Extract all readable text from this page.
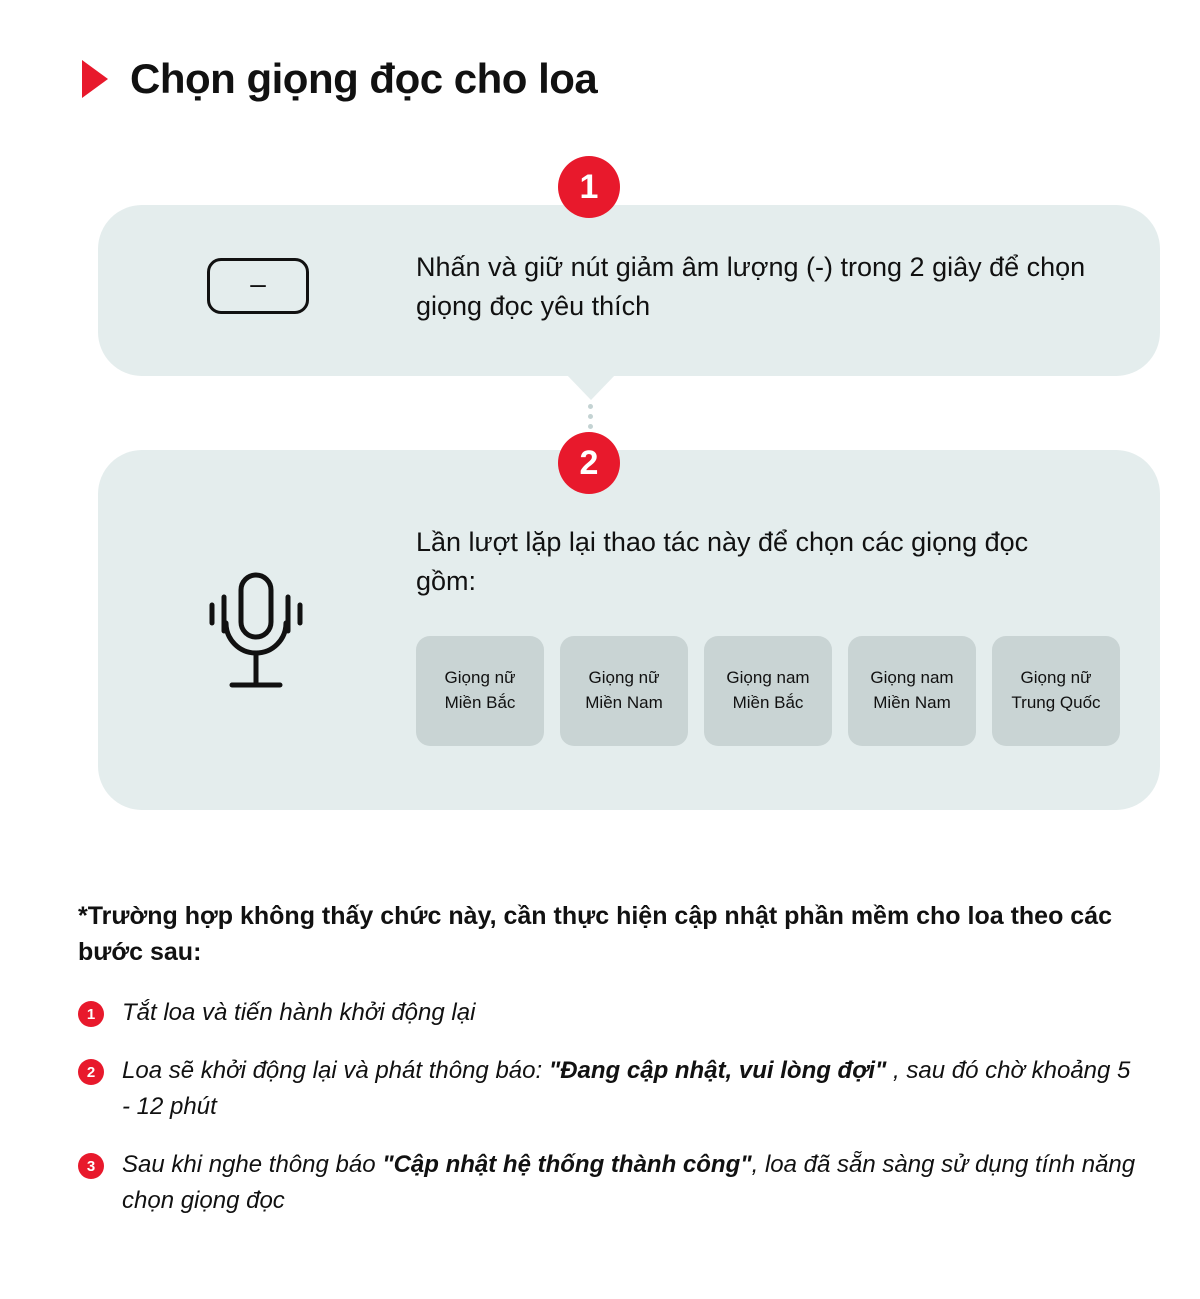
Chọn giọng đọc cho loa
1
–
Nhấn và giữ nút giảm âm lượng (-) trong 2 giây để chọn giọng đọc yêu thích
2
Lần lượt lặp lại thao tác này để chọn các giọng đọc gồm:
Giọng nữ
Miền Bắc
Giọng nữ
Miền Nam
Giọng nam
Miền Bắc
Giọng nam
Miền Nam
Giọng nữ
Trung Quốc
*Trường hợp không thấy chức này, cần thực hiện cập nhật phần mềm cho loa theo các bước sau:
1	Tắt loa và tiến hành khởi động lại
2	Loa sẽ khởi động lại và phát thông báo: "Đang cập nhật, vui lòng đợi" , sau đó chờ khoảng 5 - 12 phút
3	Sau khi nghe thông báo "Cập nhật hệ thống thành công", loa đã sẵn sàng sử dụng tính năng chọn giọng đọc
